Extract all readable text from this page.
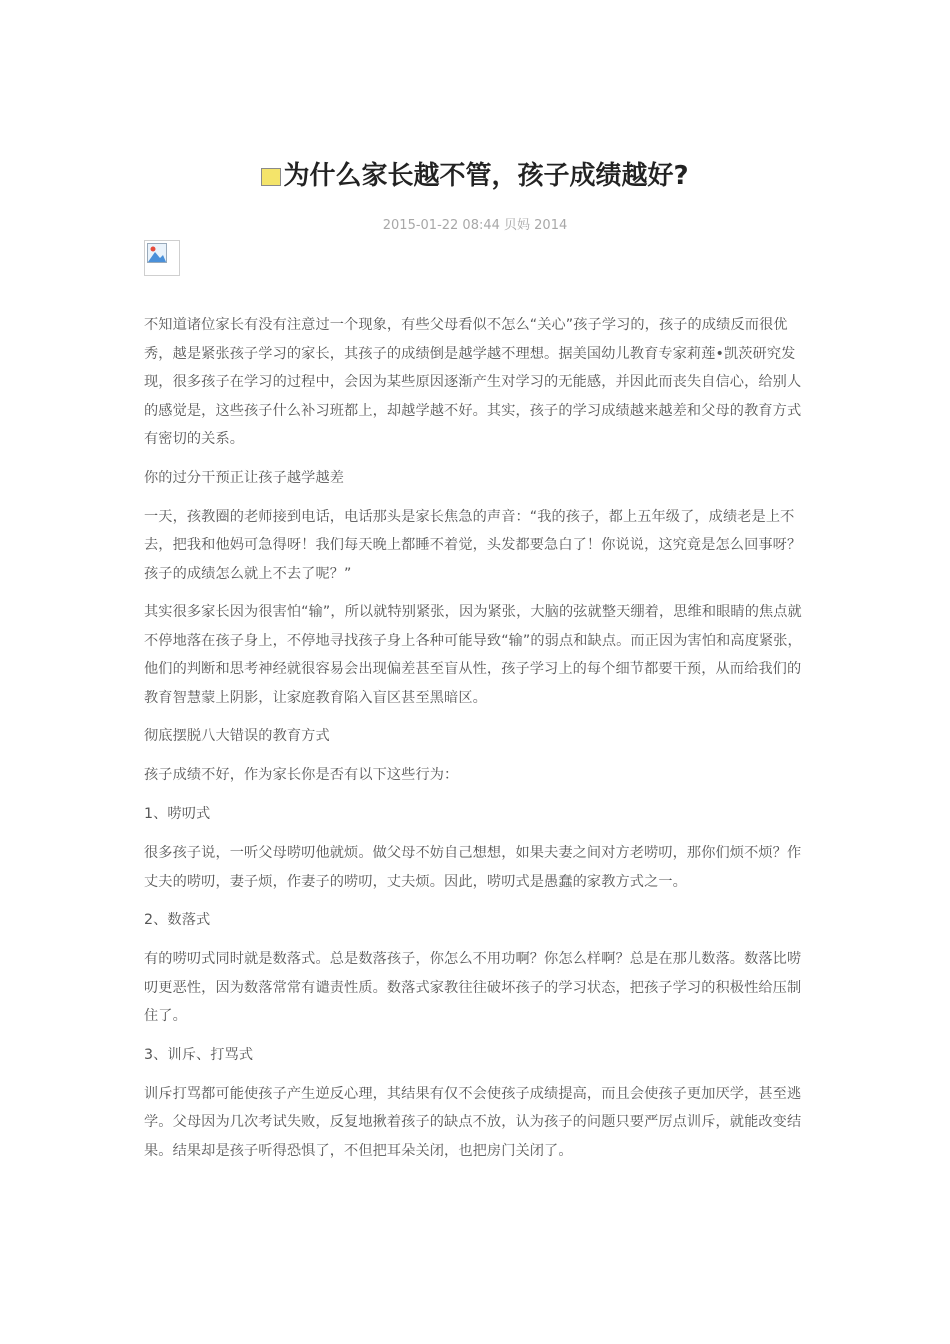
为什么家长越不管，孩子成绩越好?
2015-01-22 08:44 贝妈 2014

不知道诸位家长有没有注意过一个现象，有些父母看似不怎么“关心”孩子学习的，孩子的成绩反而很优秀，越是紧张孩子学习的家长，其孩子的成绩倒是越学越不理想。据美国幼儿教育专家莉莲•凯茨研究发现，很多孩子在学习的过程中，会因为某些原因逐渐产生对学习的无能感，并因此而丧失自信心，给别人的感觉是，这些孩子什么补习班都上，却越学越不好。其实，孩子的学习成绩越来越差和父母的教育方式有密切的关系。

你的过分干预正让孩子越学越差

一天，孩教圈的老师接到电话，电话那头是家长焦急的声音：“我的孩子，都上五年级了，成绩老是上不去，把我和他妈可急得呀！我们每天晚上都睡不着觉，头发都要急白了！你说说，这究竟是怎么回事呀？孩子的成绩怎么就上不去了呢？”

其实很多家长因为很害怕“输”，所以就特别紧张，因为紧张，大脑的弦就整天绷着，思维和眼睛的焦点就不停地落在孩子身上，不停地寻找孩子身上各种可能导致“输”的弱点和缺点。而正因为害怕和高度紧张，他们的判断和思考神经就很容易会出现偏差甚至盲从性，孩子学习上的每个细节都要干预，从而给我们的教育智慧蒙上阴影，让家庭教育陷入盲区甚至黑暗区。

彻底摆脱八大错误的教育方式

孩子成绩不好，作为家长你是否有以下这些行为：

1、唠叨式

很多孩子说，一听父母唠叨他就烦。做父母不妨自己想想，如果夫妻之间对方老唠叨，那你们烦不烦？作丈夫的唠叨，妻子烦，作妻子的唠叨，丈夫烦。因此，唠叨式是愚蠢的家教方式之一。

2、数落式

有的唠叨式同时就是数落式。总是数落孩子，你怎么不用功啊？你怎么样啊？总是在那儿数落。数落比唠叨更恶性，因为数落常常有谴责性质。数落式家教往往破坏孩子的学习状态，把孩子学习的积极性给压制住了。

3、训斥、打骂式

训斥打骂都可能使孩子产生逆反心理，其结果有仅不会使孩子成绩提高，而且会使孩子更加厌学，甚至逃学。父母因为几次考试失败，反复地揪着孩子的缺点不放，认为孩子的问题只要严厉点训斥，就能改变结果。结果却是孩子听得恐惧了，不但把耳朵关闭，也把房门关闭了。
